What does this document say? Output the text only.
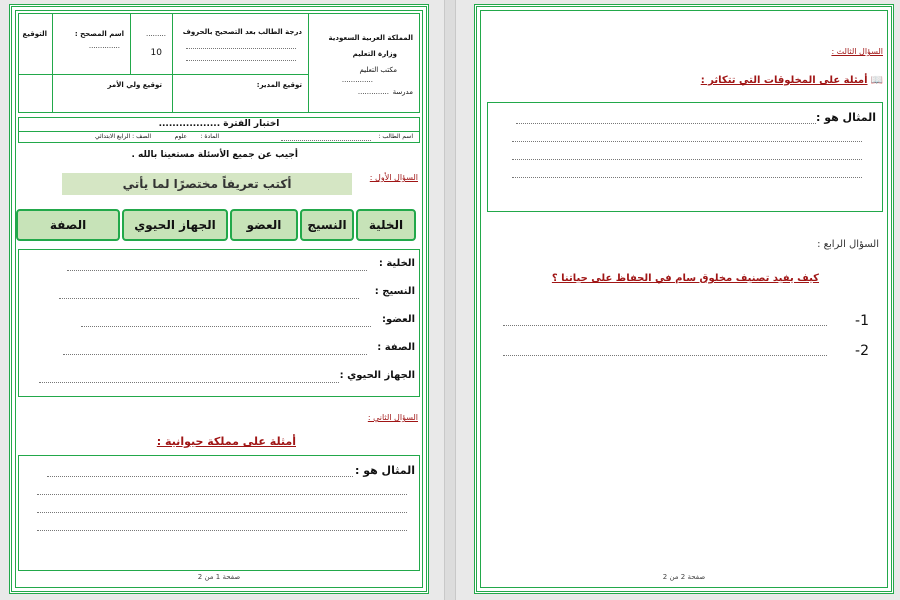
المملكة العربية السعودية
وزارة التعليم
مكتب التعليم
..............
مدرسة
..............
درجة الطالب بعد التصحيح بالحروف
.........
10
اسم المصحح :
..............
التوقيع
توقيع المدير:
توقيع ولي الأمر
اختبار الفترة ..................
اسم الطالب :
المادة :
علوم
الصف : الرابع الابتدائي
أجيب عن جميع الأسئلة مستعينا بالله .
السؤال الأول :
أكتب تعريفاً مختصرًا لما يأتي
الخلية
النسيج
العضو
الجهاز الحيوي
الصفة
الخلية :
النسيج :
العضو:
الصفة :
الجهاز الحيوي :
السؤال الثاني :
أمثلة على مملكة حيوانية :
المثال هو :
صفحة 1 من 2
السؤال الثالث :
📖
أمثلة على المخلوقات التي تتكاثر :
المثال هو :
السؤال الرابع :
كيف يفيد تصنيف مخلوق سام في الحفاظ على حياتنا ؟
1-
2-
صفحة 2 من 2
